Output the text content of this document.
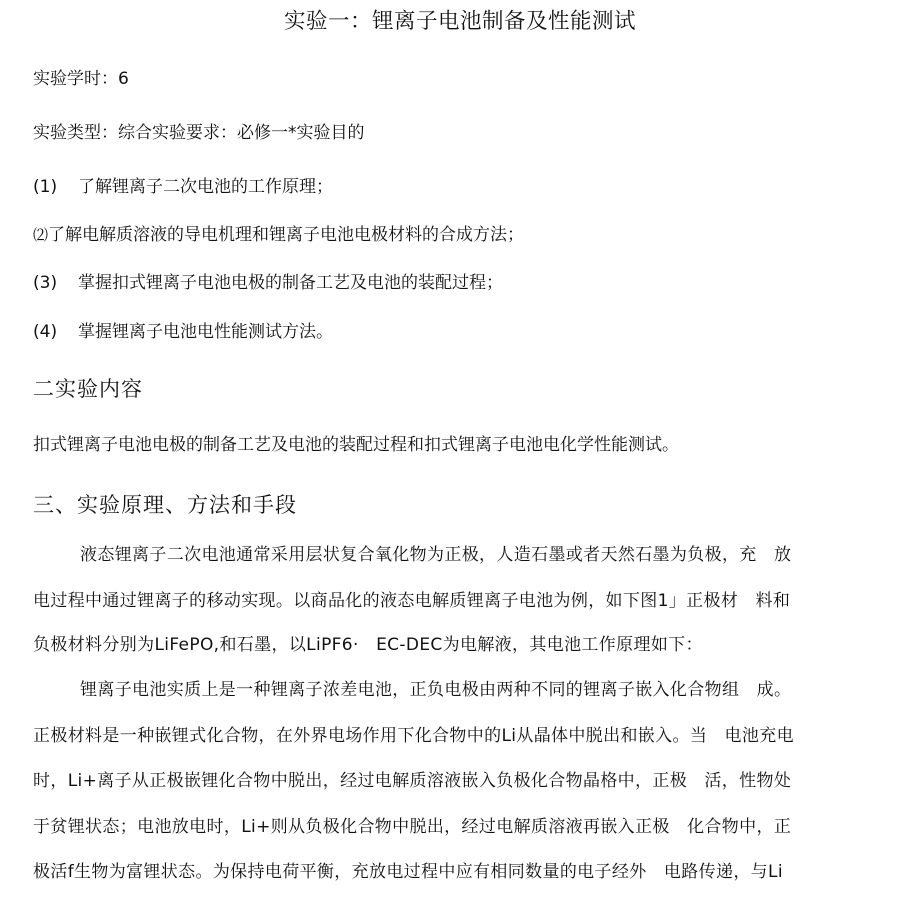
实验一：锂离子电池制备及性能测试
实验学时：6
实验类型：综合实验要求：必修一*实验目的
(1) 了解锂离子二次电池的工作原理；
⑵了解电解质溶液的导电机理和锂离子电池电极材料的合成方法；
(3) 掌握扣式锂离子电池电极的制备工艺及电池的装配过程；
(4) 掌握锂离子电池电性能测试方法。
二实验内容
扣式锂离子电池电极的制备工艺及电池的装配过程和扣式锂离子电池电化学性能测试。
三、实验原理、方法和手段
液态锂离子二次电池通常采用层状复合氧化物为正极，人造石墨或者天然石墨为负极，充　放
电过程中通过锂离子的移动实现。以商品化的液态电解质锂离子电池为例，如下图1」正极材　料和
负极材料分别为LiFePO,和石墨，以LiPF6·　EC-DEC为电解液，其电池工作原理如下：
锂离子电池实质上是一种锂离子浓差电池，正负电极由两种不同的锂离子嵌入化合物组　成。
正极材料是一种嵌锂式化合物，在外界电场作用下化合物中的Li从晶体中脱出和嵌入。当　电池充电
时，Li+离子从正极嵌锂化合物中脱出，经过电解质溶液嵌入负极化合物晶格中，正极　活，性物处
于贫锂状态；电池放电时，Li+则从负极化合物中脱出，经过电解质溶液再嵌入正极　化合物中，正
极活f生物为富锂状态。为保持电荷平衡，充放电过程中应有相同数量的电子经外　电路传递，与Li
